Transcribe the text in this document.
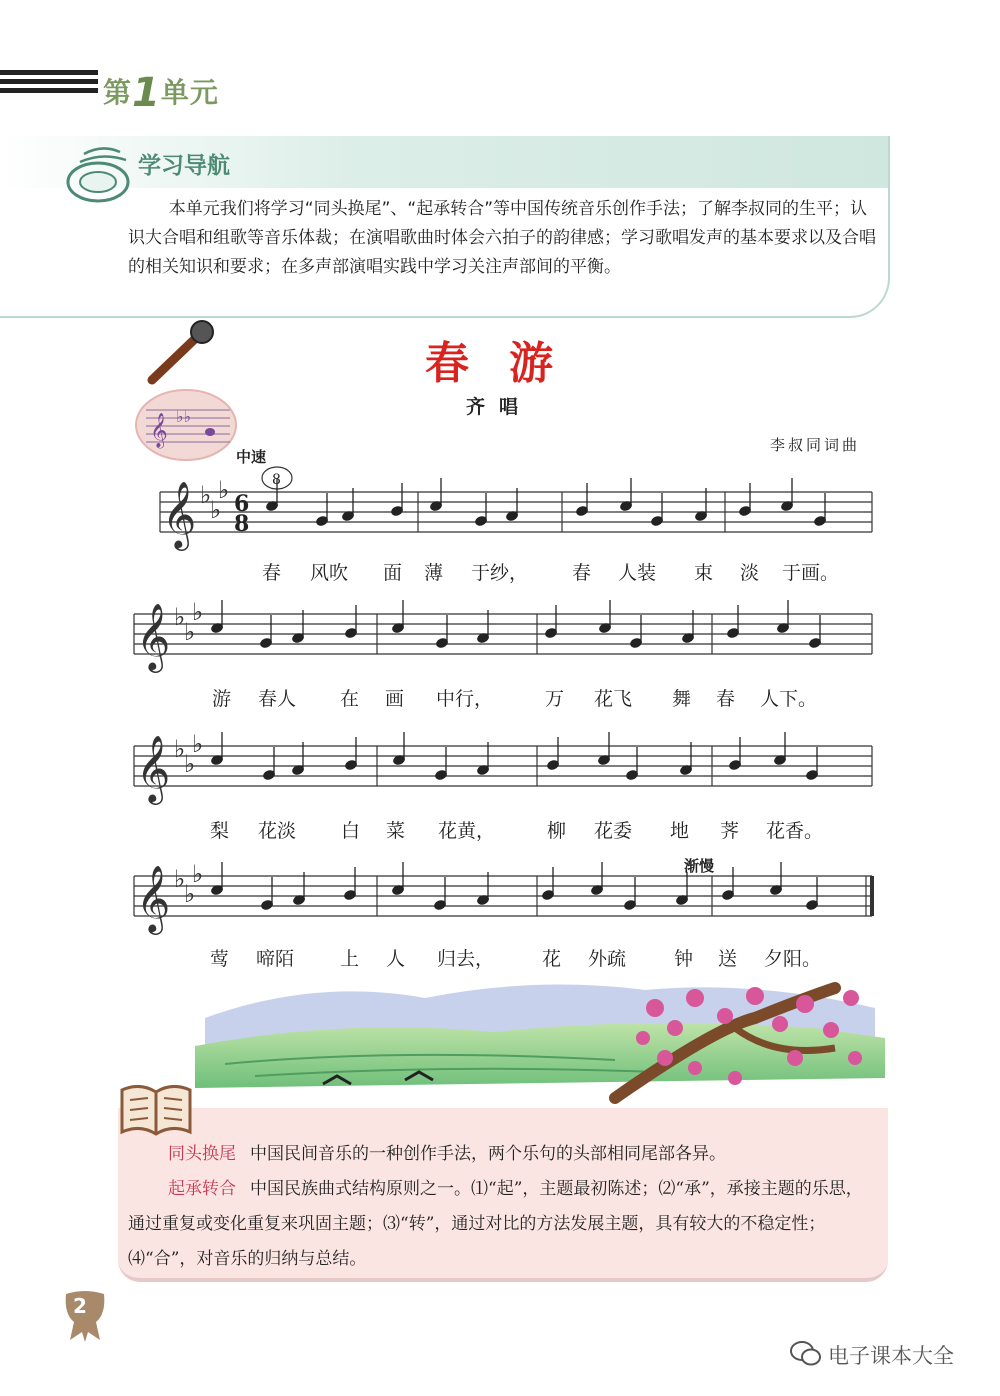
第1单元
学习导航

本单元我们将学习“同头换尾”、“起承转合”等中国传统音乐创作手法；了解李叔同的生平；认识大合唱和组歌等音乐体裁；在演唱歌曲时体会六拍子的韵律感；学习歌唱发声的基本要求以及合唱的相关知识和要求；在多声部演唱实践中学习关注声部间的平衡。

𝄞 ♭♭
春游
齐唱
李叔同词曲
中速
渐慢
𝄞 ♭
♭
♭ 6
8
8
𝄞 ♭
♭
♭
𝄞 ♭
♭
♭
𝄞 ♭
♭
♭
春 风吹 面 薄 于纱， 春 人装 束 淡 于画。
游 春人 在 画 中行，	万 花飞 舞 春 人下。
梨 花淡 白 菜 花黄，	柳 花委 地 荠 花香。
莺 啼陌 上 人 归去，	花 外疏	钟 送 夕阳。

同头换尾 中国民间音乐的一种创作手法，两个乐句的头部相同尾部各异。

起承转合 中国民族曲式结构原则之一。⑴“起”，主题最初陈述；⑵“承”，承接主题的乐思，通过重复或变化重复来巩固主题；⑶“转”，通过对比的方法发展主题，具有较大的不稳定性；⑷“合”，对音乐的归纳与总结。

2
电子课本大全
